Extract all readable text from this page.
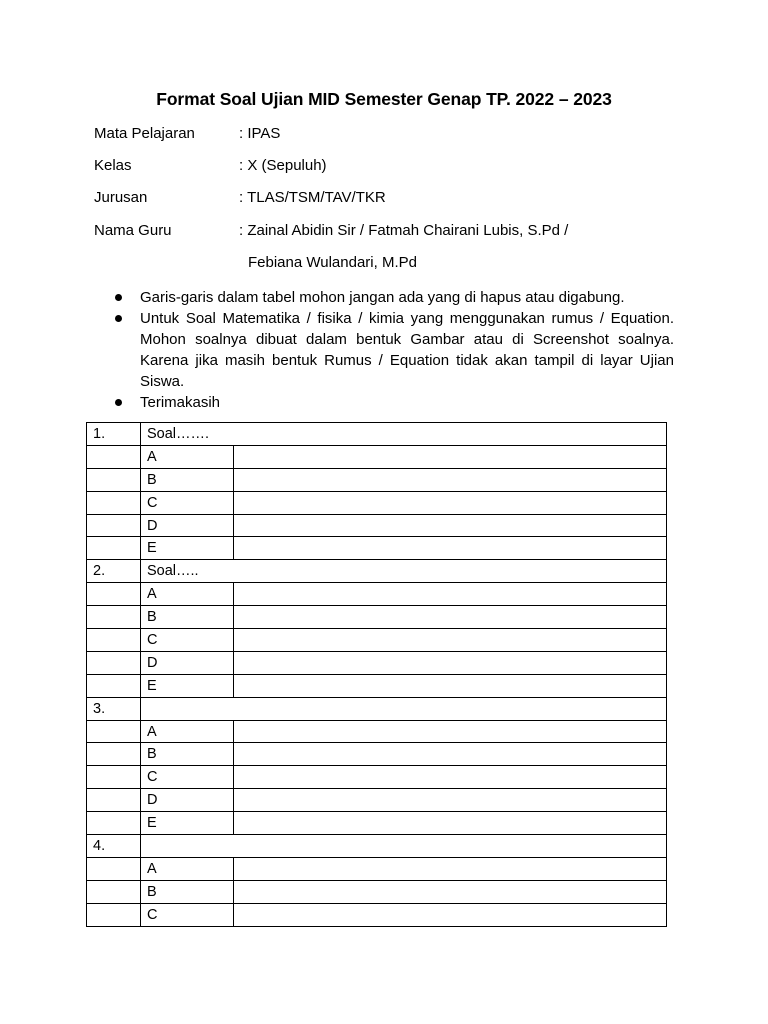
Format Soal Ujian MID Semester Genap TP. 2022 – 2023
Mata Pelajaran	: IPAS
Kelas	: X (Sepuluh)
Jurusan	: TLAS/TSM/TAV/TKR
Nama Guru	: Zainal Abidin Sir / Fatmah Chairani Lubis, S.Pd /
Febiana Wulandari, M.Pd
Garis-garis dalam tabel mohon jangan ada yang di hapus atau digabung.
Untuk Soal Matematika / fisika / kimia yang menggunakan rumus / Equation. Mohon soalnya dibuat dalam bentuk Gambar atau di Screenshot soalnya. Karena jika masih bentuk Rumus / Equation tidak akan tampil di layar Ujian Siswa.
Terimakasih
1.	Soal…….	
	A	
	B	
	C	
	D	
	E	
2.	Soal…..	
	A	
	B	
	C	
	D	
	E	
3.		
	A	
	B	
	C	
	D	
	E	
4.		
	A	
	B	
	C	
